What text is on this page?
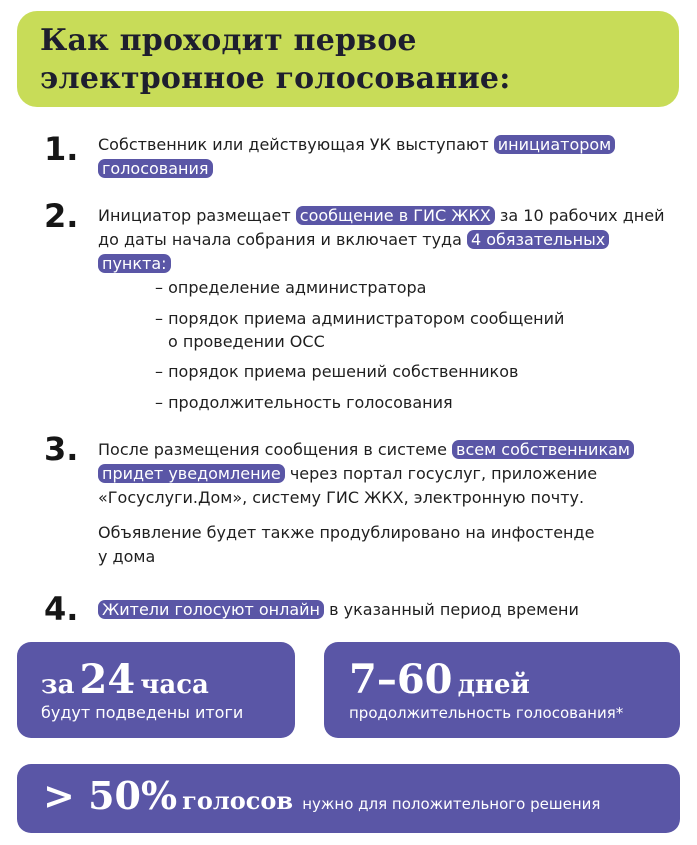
Как проходит первое
электронное голосование:
1. Собственник или действующая УК выступают инициатором голосования
2. Инициатор размещает сообщение в ГИС ЖКХ за 10 рабочих дней до даты начала собрания и включает туда 4 обязательных пункта:
– определение администратора
– порядок приема администратором сообщений
о проведении ОСС
– порядок приема решений собственников
– продолжительность голосования
3. После размещения сообщения в системе всем собственникам придет уведомление через портал госуслуг, приложение «Госуслуги.Дом», систему ГИС ЖКХ, электронную почту.
Объявление будет также продублировано на инфостенде
у дома
4. Жители голосуют онлайн в указанный период времени
за 24 часа
будут подведены итоги
7–60 дней
продолжительность голосования*
> 50% голосов нужно для положительного решения
